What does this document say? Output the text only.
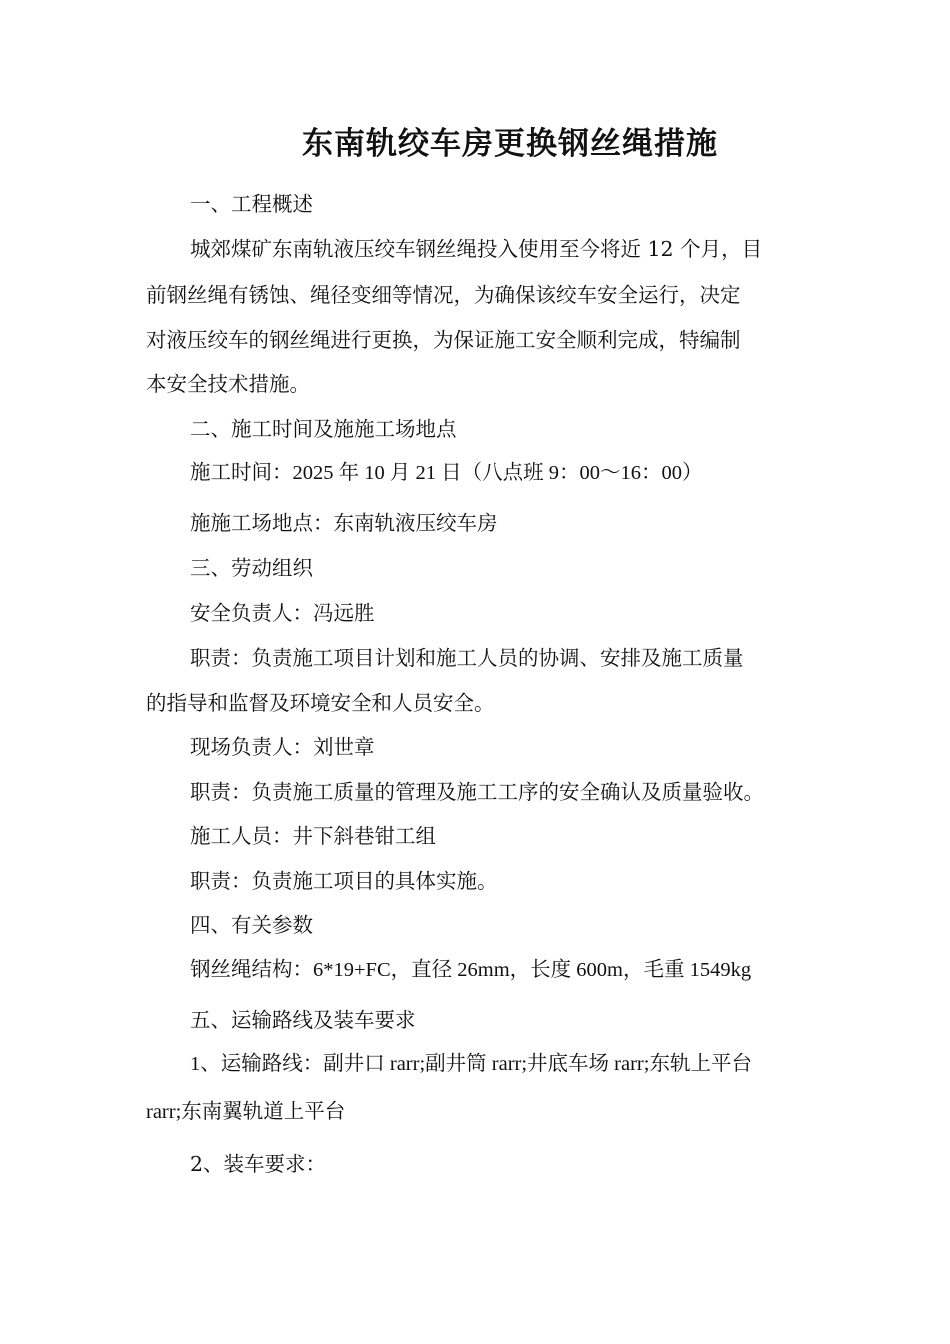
东南轨绞车房更换钢丝绳措施
一、工程概述
城郊煤矿东南轨液压绞车钢丝绳投入使用至今将近 12 个月，目
前钢丝绳有锈蚀、绳径变细等情况，为确保该绞车安全运行，决定
对液压绞车的钢丝绳进行更换，为保证施工安全顺利完成，特编制
本安全技术措施。
二、施工时间及施施工场地点
施工时间：2025 年 10 月 21 日（八点班 9：00～16：00）
施施工场地点：东南轨液压绞车房
三、劳动组织
安全负责人：冯远胜
职责：负责施工项目计划和施工人员的协调、安排及施工质量
的指导和监督及环境安全和人员安全。
现场负责人：刘世章
职责：负责施工质量的管理及施工工序的安全确认及质量验收。
施工人员：井下斜巷钳工组
职责：负责施工项目的具体实施。
四、有关参数
钢丝绳结构：6*19+FC，直径 26mm，长度 600m，毛重 1549kg
五、运输路线及装车要求
1、运输路线：副井口 rarr;副井筒 rarr;井底车场 rarr;东轨上平台
rarr;东南翼轨道上平台
2、装车要求：
